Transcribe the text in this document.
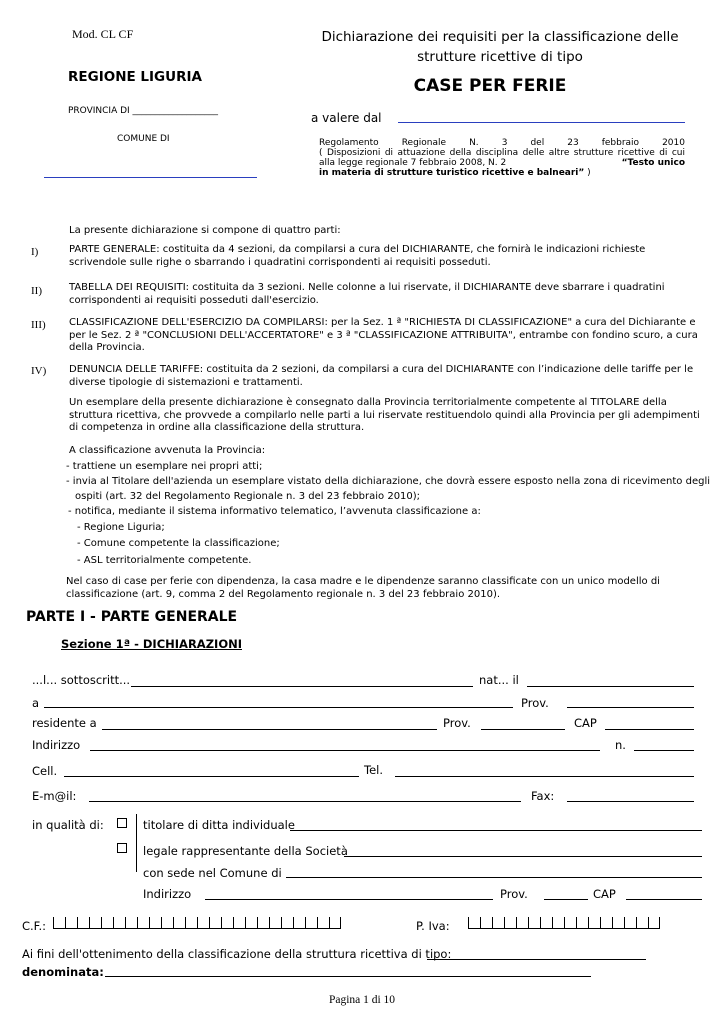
Mod. CL CF	Dichiarazione dei requisiti per la classificazione delle
strutture ricettive di tipo
CASE PER FERIE
REGIONE LIGURIA
PROVINCIA DI ___________________
COMUNE DI
a valere dal
Regolamento Regionale N. 3 del 23 febbraio 2010
( Disposizioni di attuazione della disciplina delle altre strutture ricettive di cui
alla legge regionale 7 febbraio 2008, N. 2	“Testo unico
in materia di strutture turistico ricettive e balneari” )
La presente dichiarazione si compone di quattro parti:
I)	PARTE GENERALE: costituita da 4 sezioni, da compilarsi a cura del DICHIARANTE, che fornirà le indicazioni richieste scrivendole sulle righe o sbarrando i quadratini corrispondenti ai requisiti posseduti.
II)	TABELLA DEI REQUISITI: costituita da 3 sezioni. Nelle colonne a lui riservate, il DICHIARANTE deve sbarrare i quadratini corrispondenti ai requisiti posseduti dall'esercizio.
III) CLASSIFICAZIONE DELL'ESERCIZIO DA COMPILARSI: per la Sez. 1 ª "RICHIESTA DI CLASSIFICAZIONE" a cura del Dichiarante e per le Sez. 2 ª "CONCLUSIONI DELL'ACCERTATORE" e 3 ª "CLASSIFICAZIONE ATTRIBUITA", entrambe con fondino scuro, a cura della Provincia.
IV) DENUNCIA DELLE TARIFFE: costituita da 2 sezioni, da compilarsi a cura del DICHIARANTE con l’indicazione delle tariffe per le diverse tipologie di sistemazioni e trattamenti.
Un esemplare della presente dichiarazione è consegnato dalla Provincia territorialmente competente al TITOLARE della struttura ricettiva, che provvede a compilarlo nelle parti a lui riservate restituendolo quindi alla Provincia per gli adempimenti di competenza in ordine alla classificazione della struttura.
A classificazione avvenuta la Provincia:
- trattiene un esemplare nei propri atti;
- invia al Titolare dell'azienda un esemplare vistato della dichiarazione, che dovrà essere esposto nella zona di ricevimento degli
ospiti (art. 32 del Regolamento Regionale n. 3 del 23 febbraio 2010);
- notifica, mediante il sistema informativo telematico, l’avvenuta classificazione a:
- Regione Liguria;
- Comune competente la classificazione;
- ASL territorialmente competente.
Nel caso di case per ferie con dipendenza, la casa madre e le dipendenze saranno classificate con un unico modello di classificazione (art. 9, comma 2 del Regolamento regionale n. 3 del 23 febbraio 2010).
PARTE I - PARTE GENERALE
Sezione 1ª - DICHIARAZIONI
...l... sottoscritt...	nat... il
a	Prov.
residente a	Prov.	CAP
Indirizzo	n.
Cell.	Tel.
E-m@il:	Fax:
in qualità di:	titolare di ditta individuale
legale rappresentante della Società
con sede nel Comune di
Indirizzo	Prov.	CAP
C.F.:	P. Iva:
Ai fini dell'ottenimento della classificazione della struttura ricettiva di tipo:
denominata:
Pagina 1 di 10
